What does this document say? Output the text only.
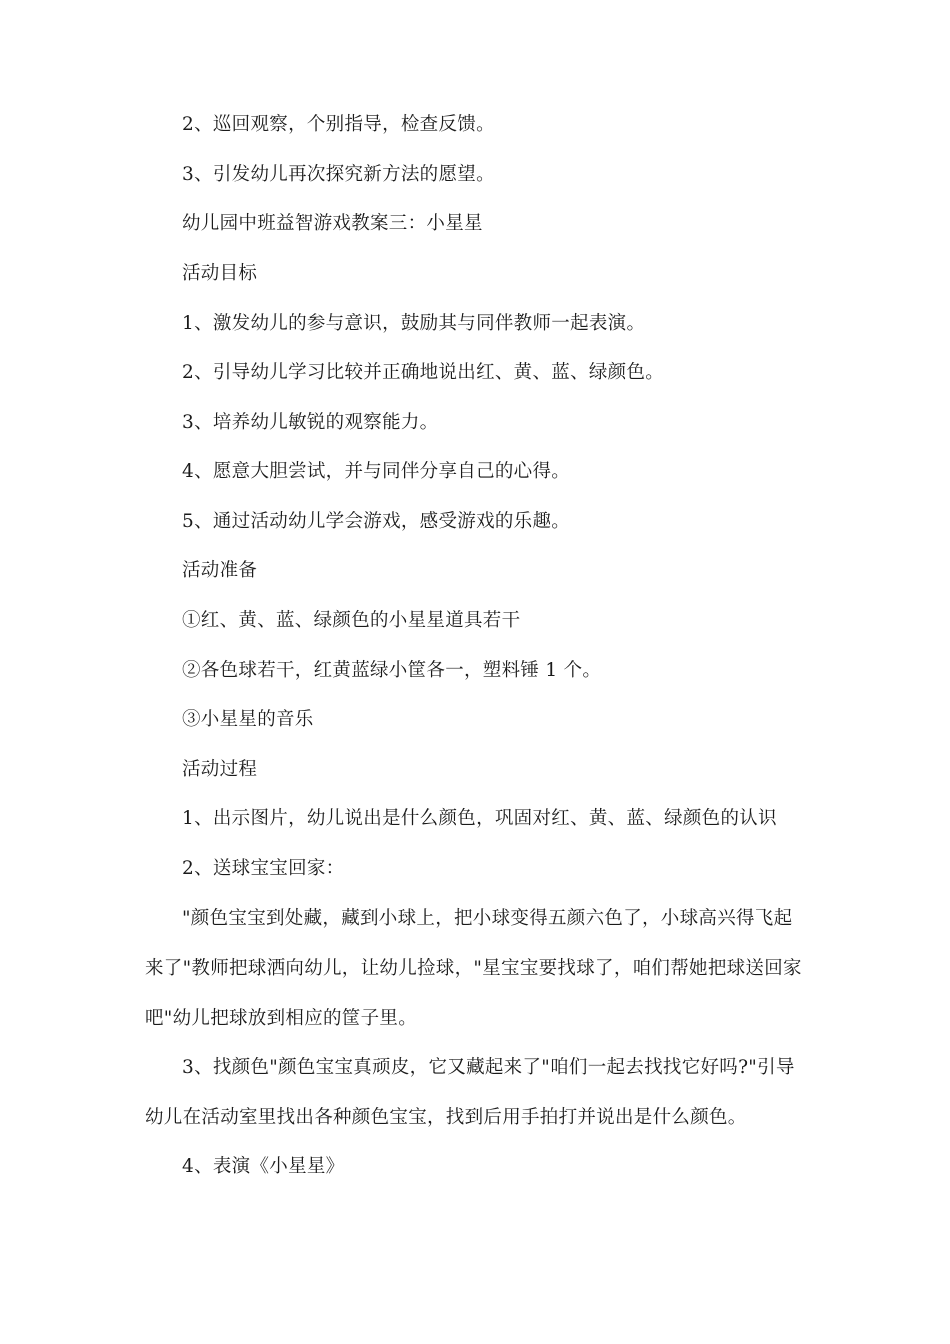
2、巡回观察，个别指导，检查反馈。

3、引发幼儿再次探究新方法的愿望。

幼儿园中班益智游戏教案三：小星星

活动目标

1、激发幼儿的参与意识，鼓励其与同伴教师一起表演。

2、引导幼儿学习比较并正确地说出红、黄、蓝、绿颜色。

3、培养幼儿敏锐的观察能力。

4、愿意大胆尝试，并与同伴分享自己的心得。

5、通过活动幼儿学会游戏，感受游戏的乐趣。

活动准备

①红、黄、蓝、绿颜色的小星星道具若干

②各色球若干，红黄蓝绿小筐各一，塑料锤 1 个。

③小星星的音乐

活动过程

1、出示图片，幼儿说出是什么颜色，巩固对红、黄、蓝、绿颜色的认识

2、送球宝宝回家：

"颜色宝宝到处藏，藏到小球上，把小球变得五颜六色了，小球高兴得飞起来了"教师把球洒向幼儿，让幼儿捡球，"星宝宝要找球了，咱们帮她把球送回家吧"幼儿把球放到相应的筐子里。

3、找颜色"颜色宝宝真顽皮，它又藏起来了"咱们一起去找找它好吗?"引导幼儿在活动室里找出各种颜色宝宝，找到后用手拍打并说出是什么颜色。

4、表演《小星星》
